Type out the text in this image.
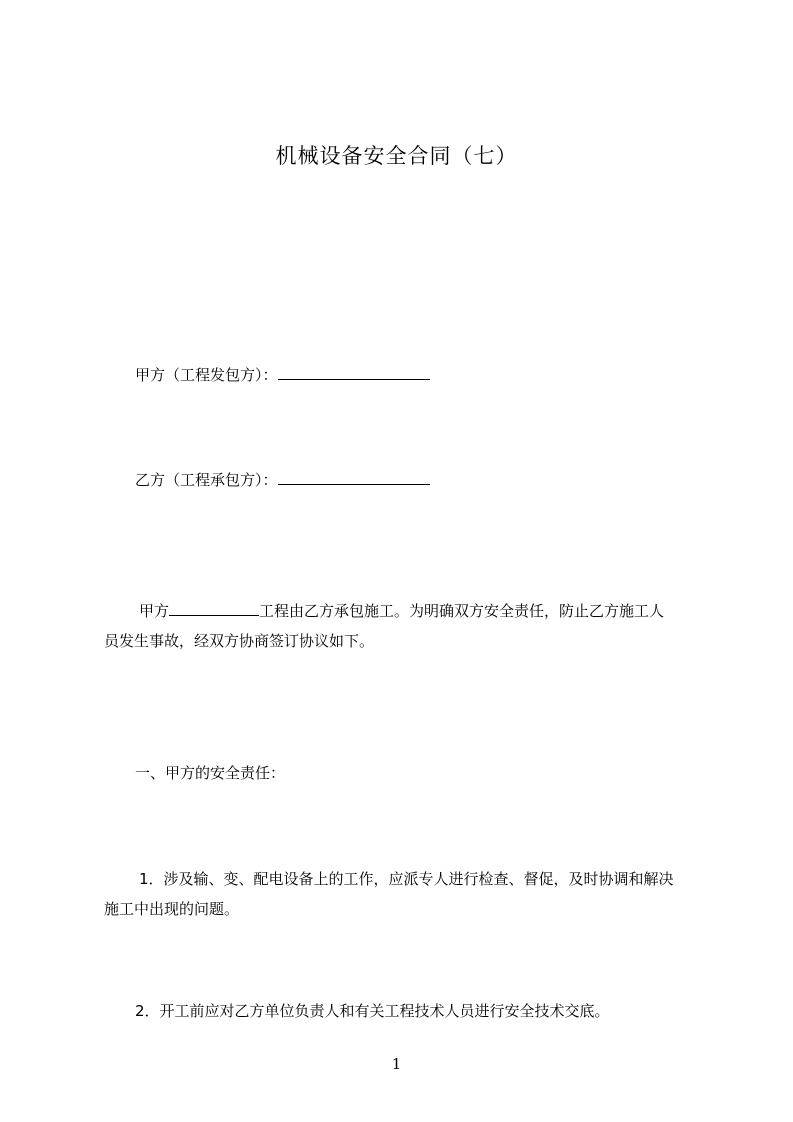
机械设备安全合同（七）
甲方（工程发包方）：
乙方（工程承包方）：

甲方	工程由乙方承包施工。为明确双方安全责任，防止乙方施工人

员发生事故，经双方协商签订协议如下。

一、甲方的安全责任：

1．涉及输、变、配电设备上的工作，应派专人进行检查、督促，及时协调和解决

施工中出现的问题。

2．开工前应对乙方单位负责人和有关工程技术人员进行安全技术交底。
1
